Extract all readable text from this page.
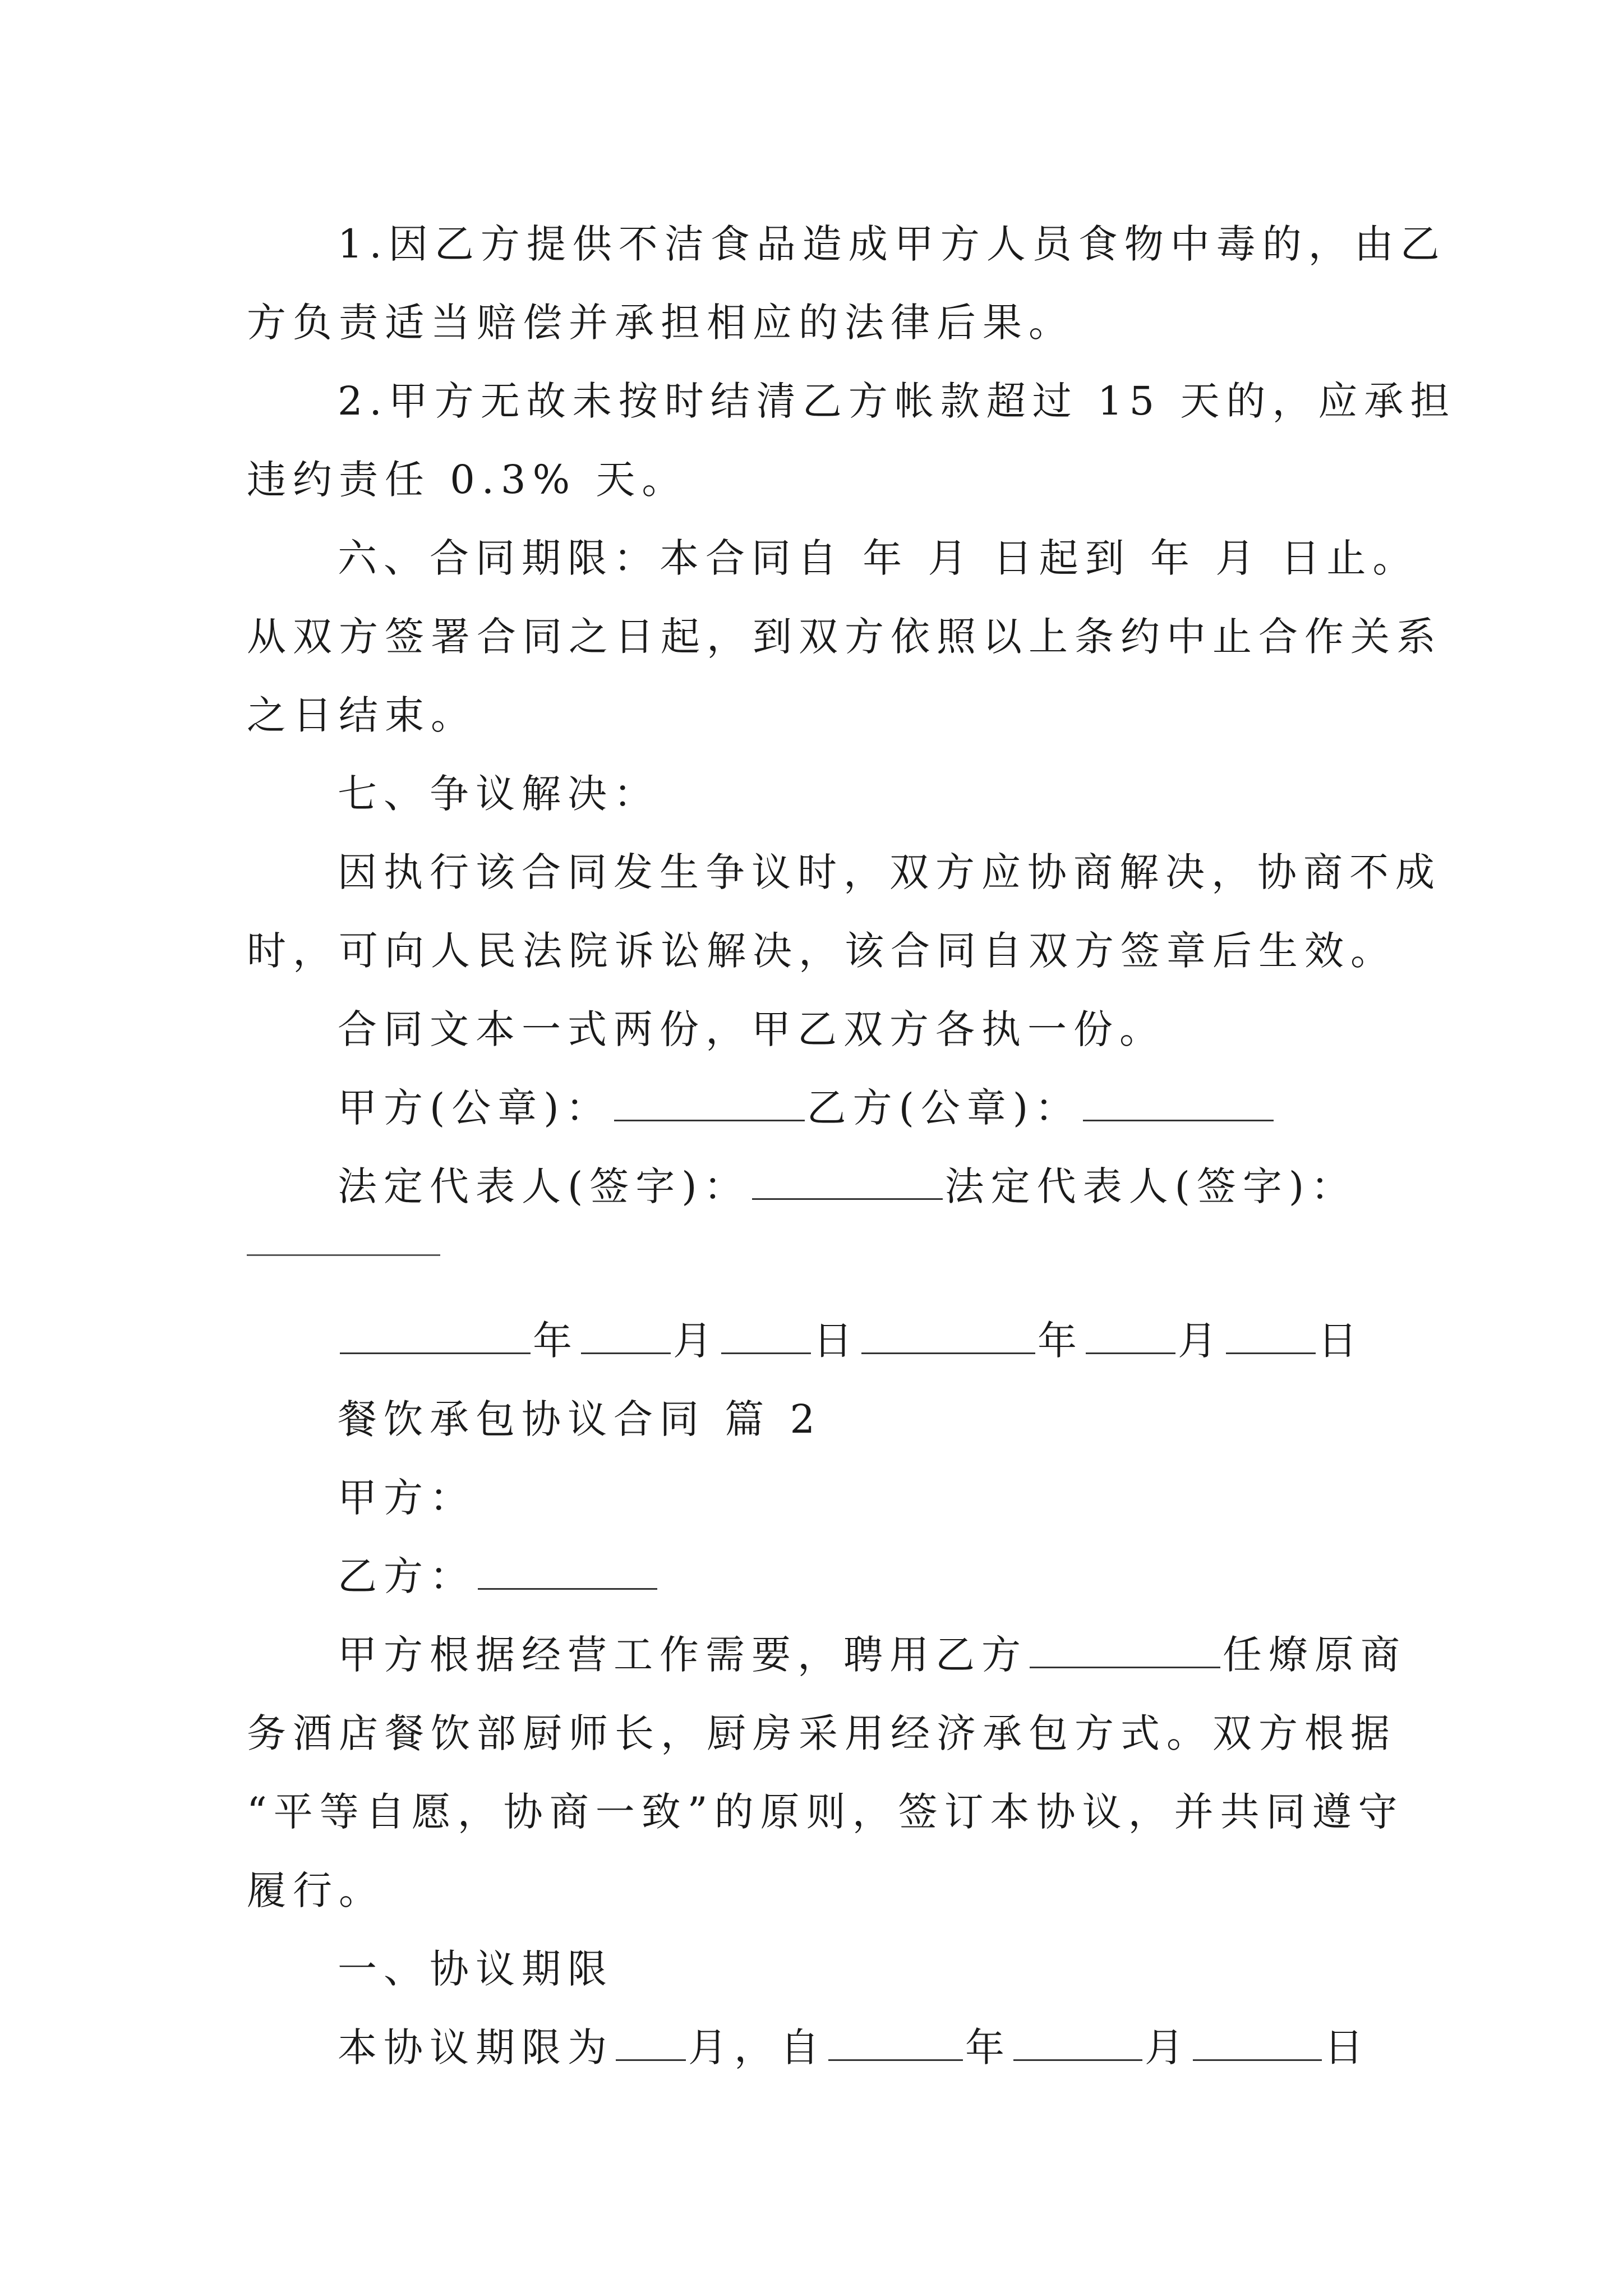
1.因乙方提供不洁食品造成甲方人员食物中毒的，由乙
方负责适当赔偿并承担相应的法律后果。
2.甲方无故未按时结清乙方帐款超过 15 天的，应承担
违约责任 0.3% 天。
六、合同期限：本合同自 年 月 日起到 年 月 日止。
从双方签署合同之日起，到双方依照以上条约中止合作关系
之日结束。
七、争议解决：
因执行该合同发生争议时，双方应协商解决，协商不成
时，可向人民法院诉讼解决，该合同自双方签章后生效。
合同文本一式两份，甲乙双方各执一份。
甲方(公章)：	乙方(公章)：
法定代表人(签字)：	法定代表人(签字)：
年 月 日	年 月 日
餐饮承包协议合同 篇 2
甲方：
乙方：
甲方根据经营工作需要，聘用乙方	任燎原商
务酒店餐饮部厨师长，厨房采用经济承包方式。双方根据
“平等自愿，协商一致”的原则，签订本协议，并共同遵守
履行。
一、协议期限
本协议期限为 月，自	年	月	日
